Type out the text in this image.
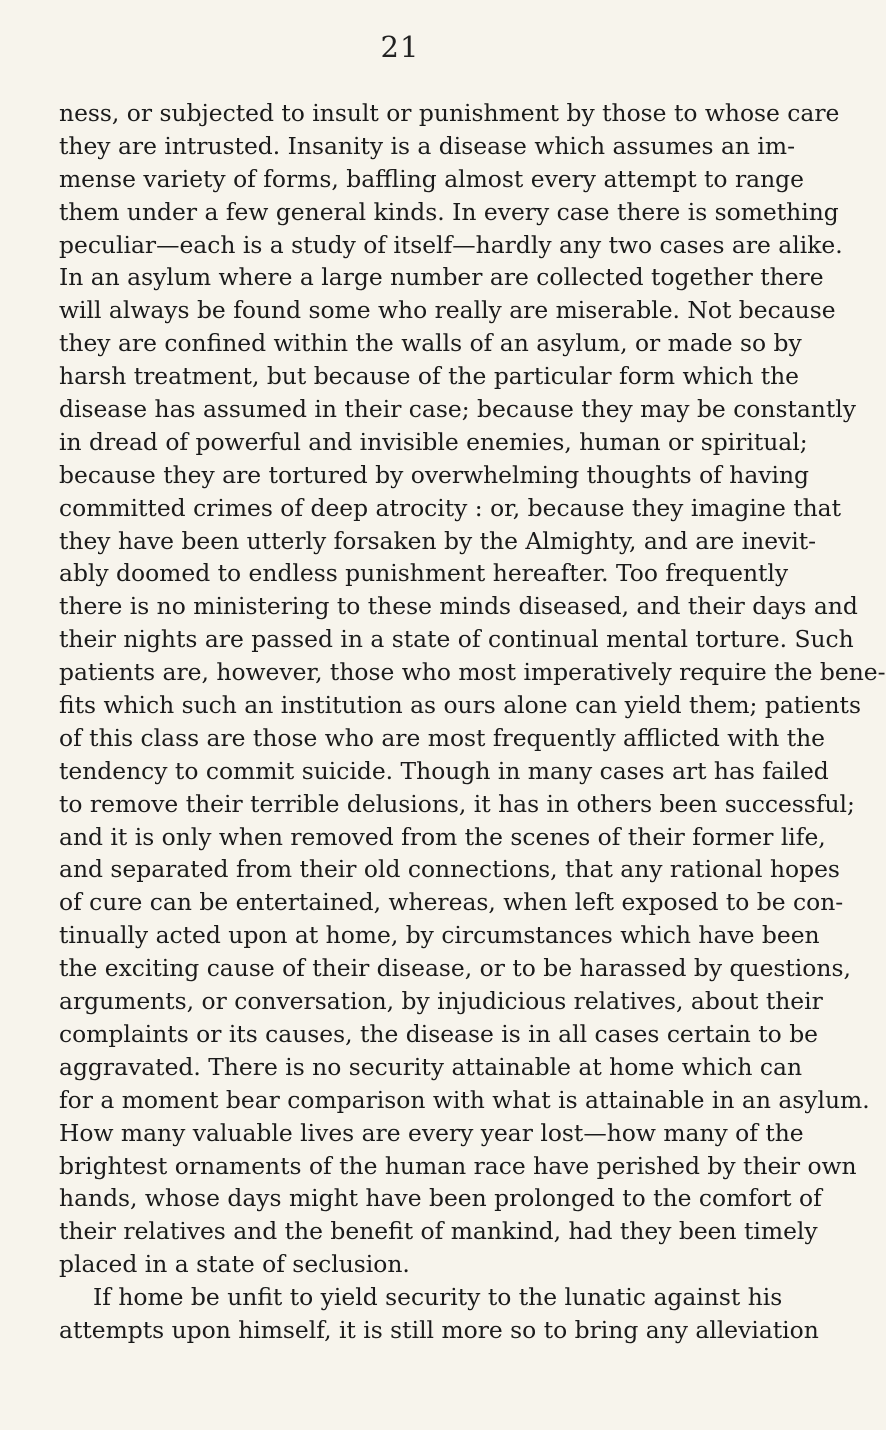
21
ness, or subjected to insult or punishment by those to whose care
they are intrusted. Insanity is a disease which assumes an im-
mense variety of forms, baffling almost every attempt to range
them under a few general kinds. In every case there is something
peculiar—each is a study of itself—hardly any two cases are alike.
In an asylum where a large number are collected together there
will always be found some who really are miserable. Not because
they are confined within the walls of an asylum, or made so by
harsh treatment, but because of the particular form which the
disease has assumed in their case; because they may be constantly
in dread of powerful and invisible enemies, human or spiritual;
because they are tortured by overwhelming thoughts of having
committed crimes of deep atrocity : or, because they imagine that
they have been utterly forsaken by the Almighty, and are inevit-
ably doomed to endless punishment hereafter. Too frequently
there is no ministering to these minds diseased, and their days and
their nights are passed in a state of continual mental torture. Such
patients are, however, those who most imperatively require the bene-
fits which such an institution as ours alone can yield them; patients
of this class are those who are most frequently afflicted with the
tendency to commit suicide. Though in many cases art has failed
to remove their terrible delusions, it has in others been successful;
and it is only when removed from the scenes of their former life,
and separated from their old connections, that any rational hopes
of cure can be entertained, whereas, when left exposed to be con-
tinually acted upon at home, by circumstances which have been
the exciting cause of their disease, or to be harassed by questions,
arguments, or conversation, by injudicious relatives, about their
complaints or its causes, the disease is in all cases certain to be
aggravated. There is no security attainable at home which can
for a moment bear comparison with what is attainable in an asylum.
How many valuable lives are every year lost—how many of the
brightest ornaments of the human race have perished by their own
hands, whose days might have been prolonged to the comfort of
their relatives and the benefit of mankind, had they been timely
placed in a state of seclusion.
If home be unfit to yield security to the lunatic against his
attempts upon himself, it is still more so to bring any alleviation
